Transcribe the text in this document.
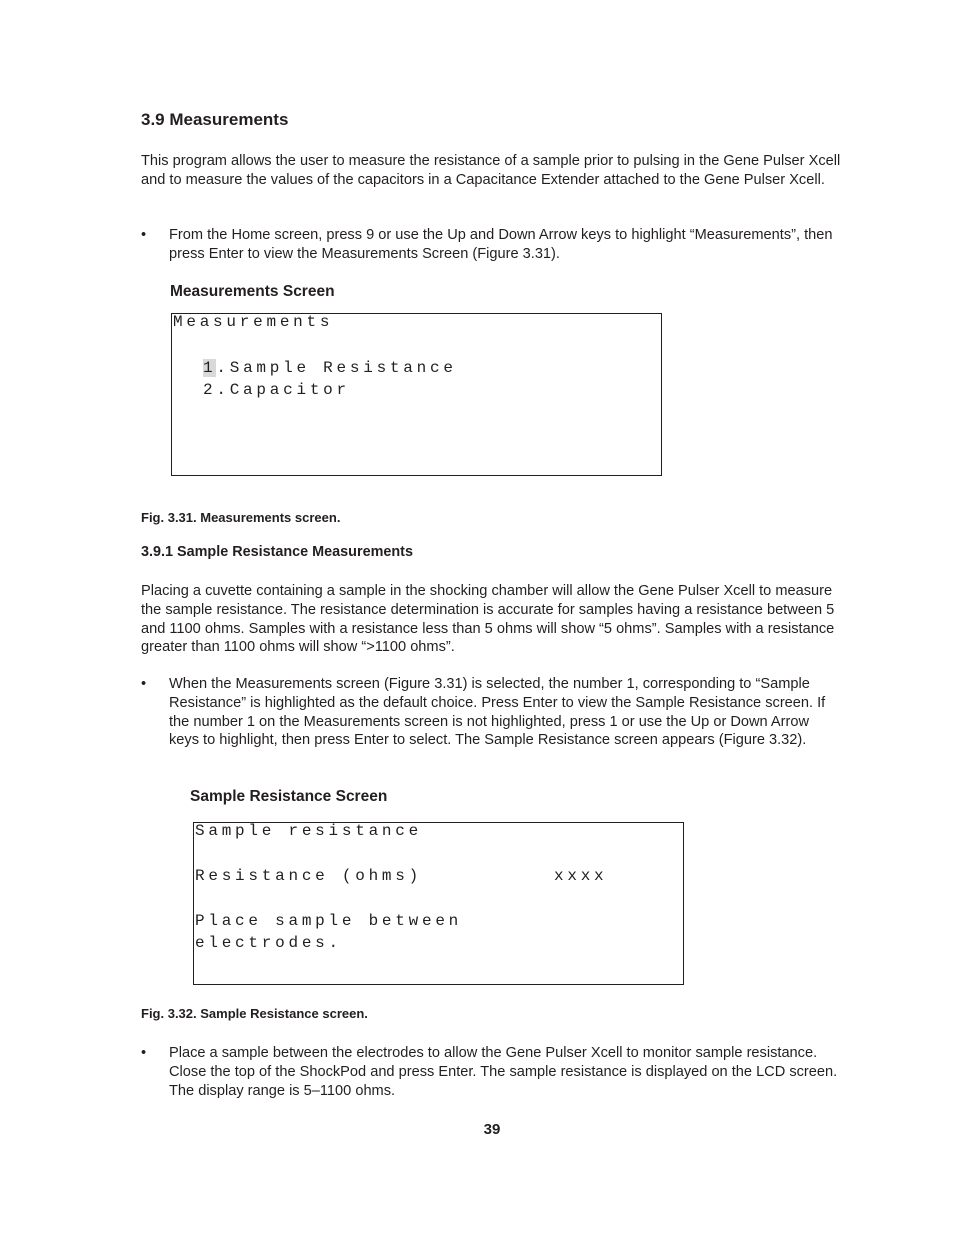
3.9 Measurements

This program allows the user to measure the resistance of a sample prior to pulsing in the Gene Pulser Xcell and to measure the values of the capacitors in a Capacitance Extender attached to the Gene Pulser Xcell.

•	From the Home screen, press 9 or use the Up and Down Arrow keys to highlight “Measurements”, then press Enter to view the Measurements Screen (Figure 3.31).
Measurements Screen
Measurements
1.Sample Resistance
2.Capacitor

Fig. 3.31. Measurements screen.

3.9.1 Sample Resistance Measurements

Placing a cuvette containing a sample in the shocking chamber will allow the Gene Pulser Xcell to measure the sample resistance. The resistance determination is accurate for samples having a resistance between 5 and 1100 ohms. Samples with a resistance less than 5 ohms will show “5 ohms”. Samples with a resistance greater than 1100 ohms will show “>1100 ohms”.

•	When the Measurements screen (Figure 3.31) is selected, the number 1, corresponding to “Sample Resistance” is highlighted as the default choice. Press Enter to view the Sample Resistance screen. If the number 1 on the Measurements screen is not highlighted, press 1 or use the Up or Down Arrow keys to highlight, then press Enter to select. The Sample Resistance screen appears (Figure 3.32).
Sample Resistance Screen
Sample resistance
Resistance (ohms)	xxxx
Place sample between
electrodes.

Fig. 3.32. Sample Resistance screen.

•	Place a sample between the electrodes to allow the Gene Pulser Xcell to monitor sample resistance. Close the top of the ShockPod and press Enter. The sample resistance is displayed on the LCD screen. The display range is 5–1100 ohms.
39
